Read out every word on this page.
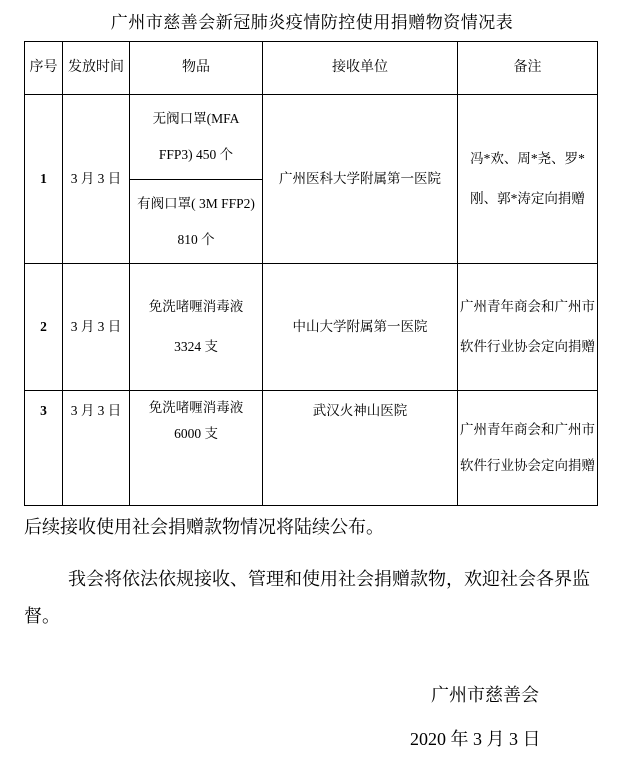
广州市慈善会新冠肺炎疫情防控使用捐赠物资情况表
序号	发放时间	物品	接收单位	备注
1	3 月 3 日	无阀口罩(MFA FFP3) 450 个	广州医科大学附属第一医院	冯*欢、周*尧、罗*刚、郭*涛定向捐赠
		有阀口罩( 3M FFP2) 810 个		
2	3 月 3 日	免洗啫喱消毒液 3324 支	中山大学附属第一医院	广州青年商会和广州市软件行业协会定向捐赠
3	3 月 3 日	免洗啫喱消毒液 6000 支	武汉火神山医院	广州青年商会和广州市软件行业协会定向捐赠
后续接收使用社会捐赠款物情况将陆续公布。
我会将依法依规接收、管理和使用社会捐赠款物，欢迎社会各界监督。
广州市慈善会
2020 年 3 月 3 日
